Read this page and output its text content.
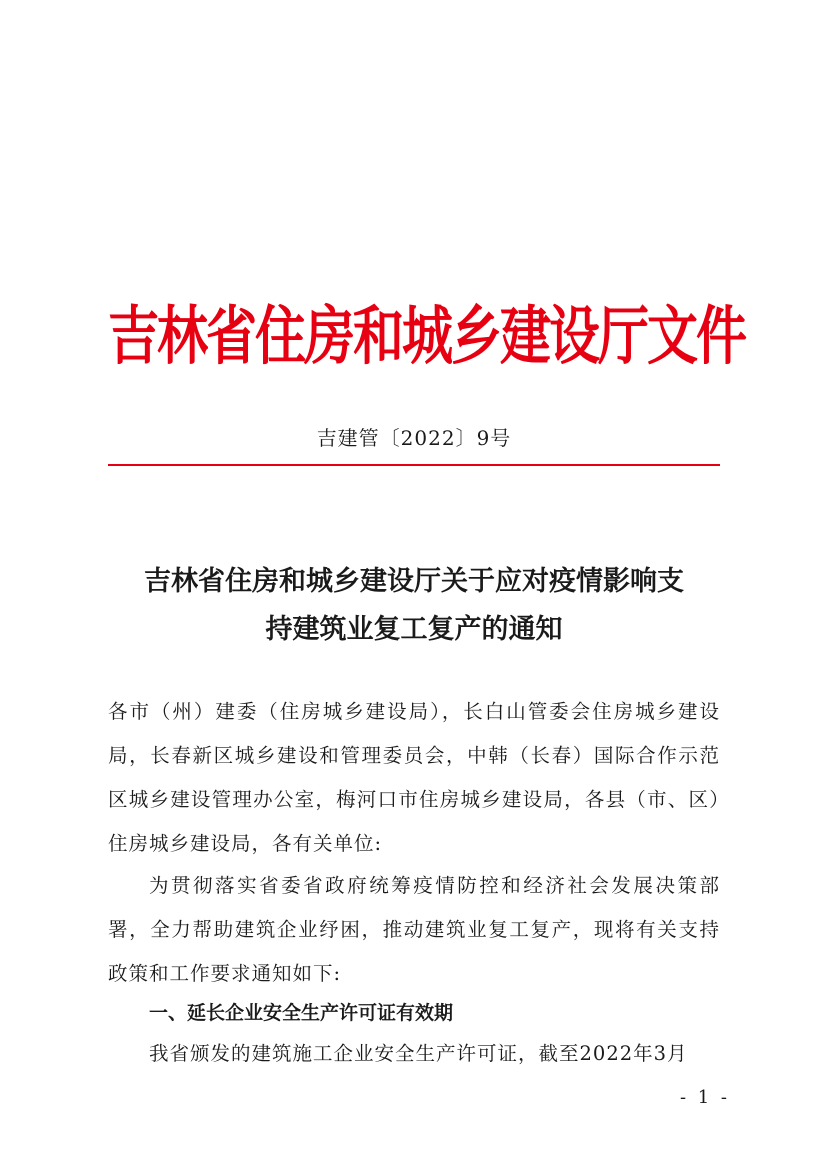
吉林省住房和城乡建设厅文件
吉建管〔2022〕9号
吉林省住房和城乡建设厅关于应对疫情影响支
持建筑业复工复产的通知
各市（州）建委（住房城乡建设局），长白山管委会住房城乡建设局，长春新区城乡建设和管理委员会，中韩（长春）国际合作示范区城乡建设管理办公室，梅河口市住房城乡建设局，各县（市、区）住房城乡建设局，各有关单位:
为贯彻落实省委省政府统筹疫情防控和经济社会发展决策部署，全力帮助建筑企业纾困，推动建筑业复工复产，现将有关支持政策和工作要求通知如下:
一、延长企业安全生产许可证有效期
我省颁发的建筑施工企业安全生产许可证，截至2022年3月
- 1 -
